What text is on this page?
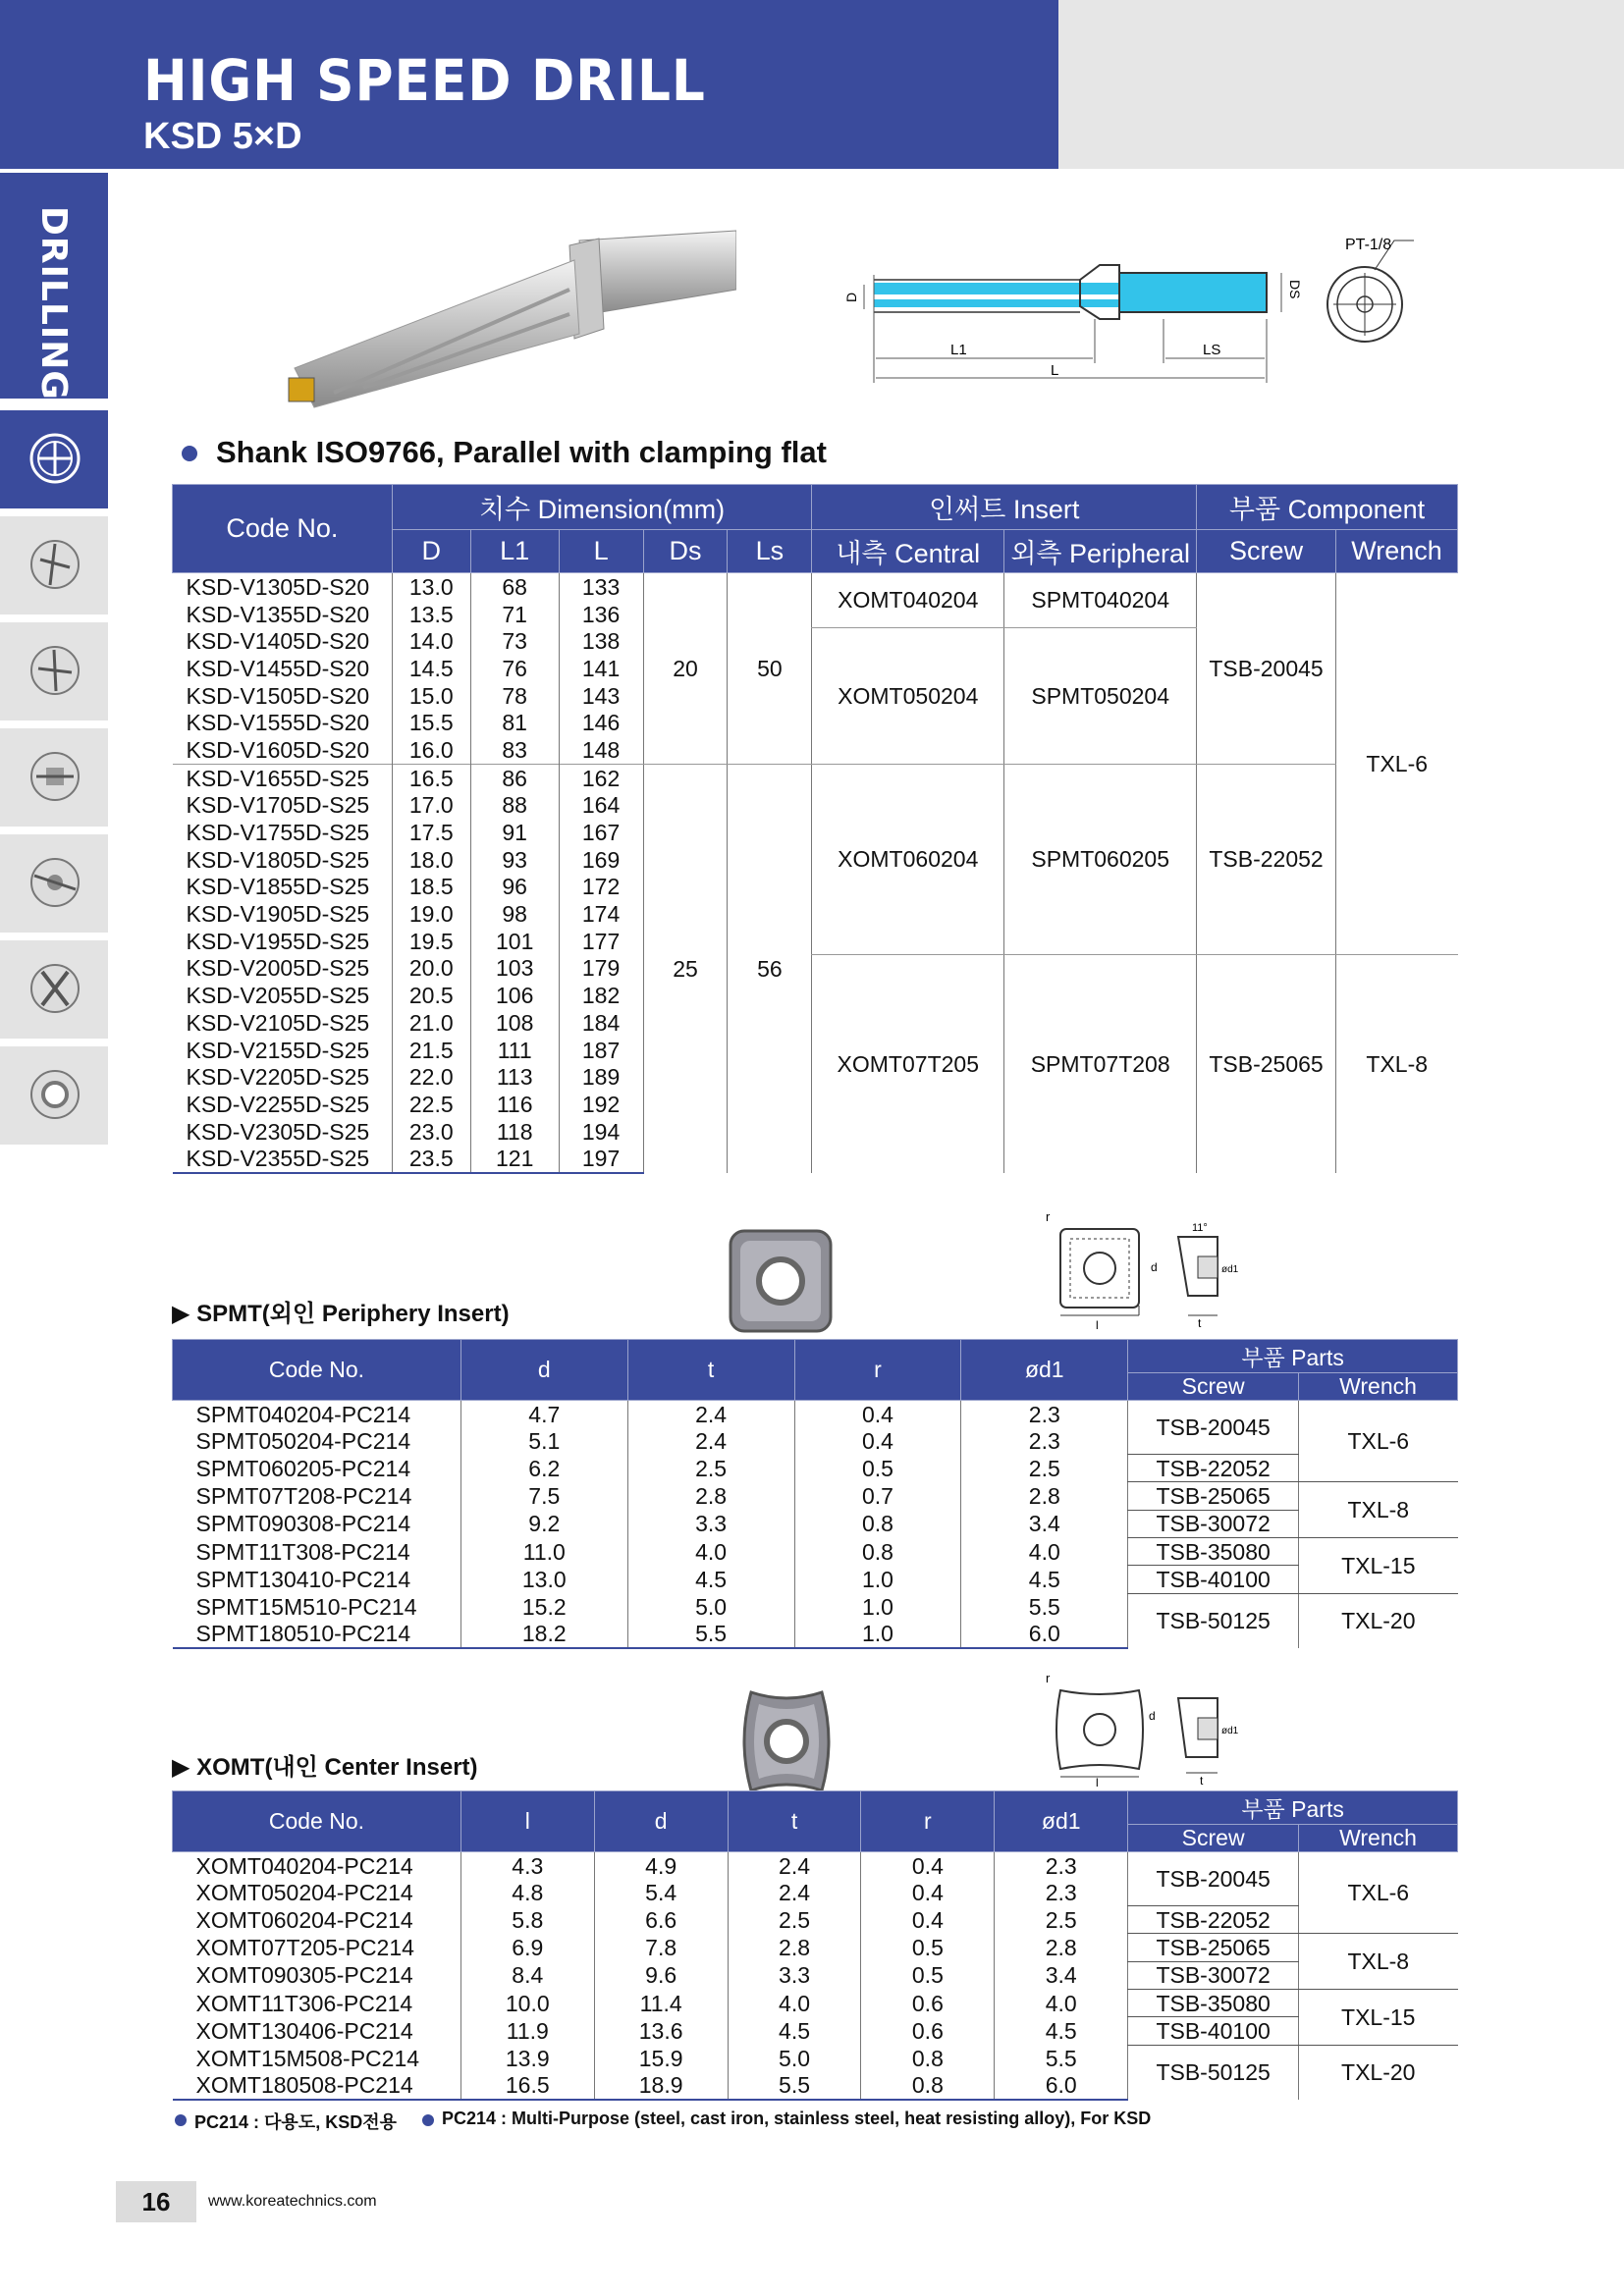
HIGH SPEED DRILL
KSD 5×D
DRILLING	D	DS
L1	LS
L
PT-1/8
Shank ISO9766, Parallel with clamping flat
Code No.	치수 Dimension(mm)					인써트 Insert		부품 Component	
	D	L1	L	Ds	Ls	내측 Central	외측 Peripheral	Screw	Wrench
KSD-V1305D-S20	13.0	68	133	20	50	XOMT040204	SPMT040204	TSB-20045	TXL-6
KSD-V1355D-S20	13.5	71	136						
KSD-V1405D-S20	14.0	73	138			XOMT050204	SPMT050204		
KSD-V1455D-S20	14.5	76	141						
KSD-V1505D-S20	15.0	78	143						
KSD-V1555D-S20	15.5	81	146						
KSD-V1605D-S20	16.0	83	148						
KSD-V1655D-S25	16.5	86	162	25	56	XOMT060204	SPMT060205	TSB-22052	
KSD-V1705D-S25	17.0	88	164						
KSD-V1755D-S25	17.5	91	167						
KSD-V1805D-S25	18.0	93	169						
KSD-V1855D-S25	18.5	96	172						
KSD-V1905D-S25	19.0	98	174						
KSD-V1955D-S25	19.5	101	177						
KSD-V2005D-S25	20.0	103	179			XOMT07T205	SPMT07T208	TSB-25065	TXL-8
KSD-V2055D-S25	20.5	106	182						
KSD-V2105D-S25	21.0	108	184						
KSD-V2155D-S25	21.5	111	187						
KSD-V2205D-S25	22.0	113	189						
KSD-V2255D-S25	22.5	116	192						
KSD-V2305D-S25	23.0	118	194						
KSD-V2355D-S25	23.5	121	197						
r
d
t
l
11°
ød1
▶ SPMT(외인 Periphery Insert)
Code No.	d	t	r	ød1	부품 Parts	
					Screw	Wrench
SPMT040204-PC214	4.7	2.4	0.4	2.3	TSB-20045	TXL-6
SPMT050204-PC214	5.1	2.4	0.4	2.3		
SPMT060205-PC214	6.2	2.5	0.5	2.5	TSB-22052	
SPMT07T208-PC214	7.5	2.8	0.7	2.8	TSB-25065	TXL-8
SPMT090308-PC214	9.2	3.3	0.8	3.4	TSB-30072	
SPMT11T308-PC214	11.0	4.0	0.8	4.0	TSB-35080	TXL-15
SPMT130410-PC214	13.0	4.5	1.0	4.5	TSB-40100	
SPMT15M510-PC214	15.2	5.0	1.0	5.5	TSB-50125	TXL-20
SPMT180510-PC214	18.2	5.5	1.0	6.0		
r
d
t
l
ød1
▶ XOMT(내인 Center Insert)
Code No.	l	d	t	r	ød1	부품 Parts	
						Screw	Wrench
XOMT040204-PC214	4.3	4.9	2.4	0.4	2.3	TSB-20045	TXL-6
XOMT050204-PC214	4.8	5.4	2.4	0.4	2.3		
XOMT060204-PC214	5.8	6.6	2.5	0.4	2.5	TSB-22052	
XOMT07T205-PC214	6.9	7.8	2.8	0.5	2.8	TSB-25065	TXL-8
XOMT090305-PC214	8.4	9.6	3.3	0.5	3.4	TSB-30072	
XOMT11T306-PC214	10.0	11.4	4.0	0.6	4.0	TSB-35080	TXL-15
XOMT130406-PC214	11.9	13.6	4.5	0.6	4.5	TSB-40100	
XOMT15M508-PC214	13.9	15.9	5.0	0.8	5.5	TSB-50125	TXL-20
XOMT180508-PC214	16.5	18.9	5.5	0.8	6.0		
PC214 : 다용도, KSD전용	PC214 : Multi-Purpose (steel, cast iron, stainless steel, heat resisting alloy), For KSD
16	www.koreatechnics.com
